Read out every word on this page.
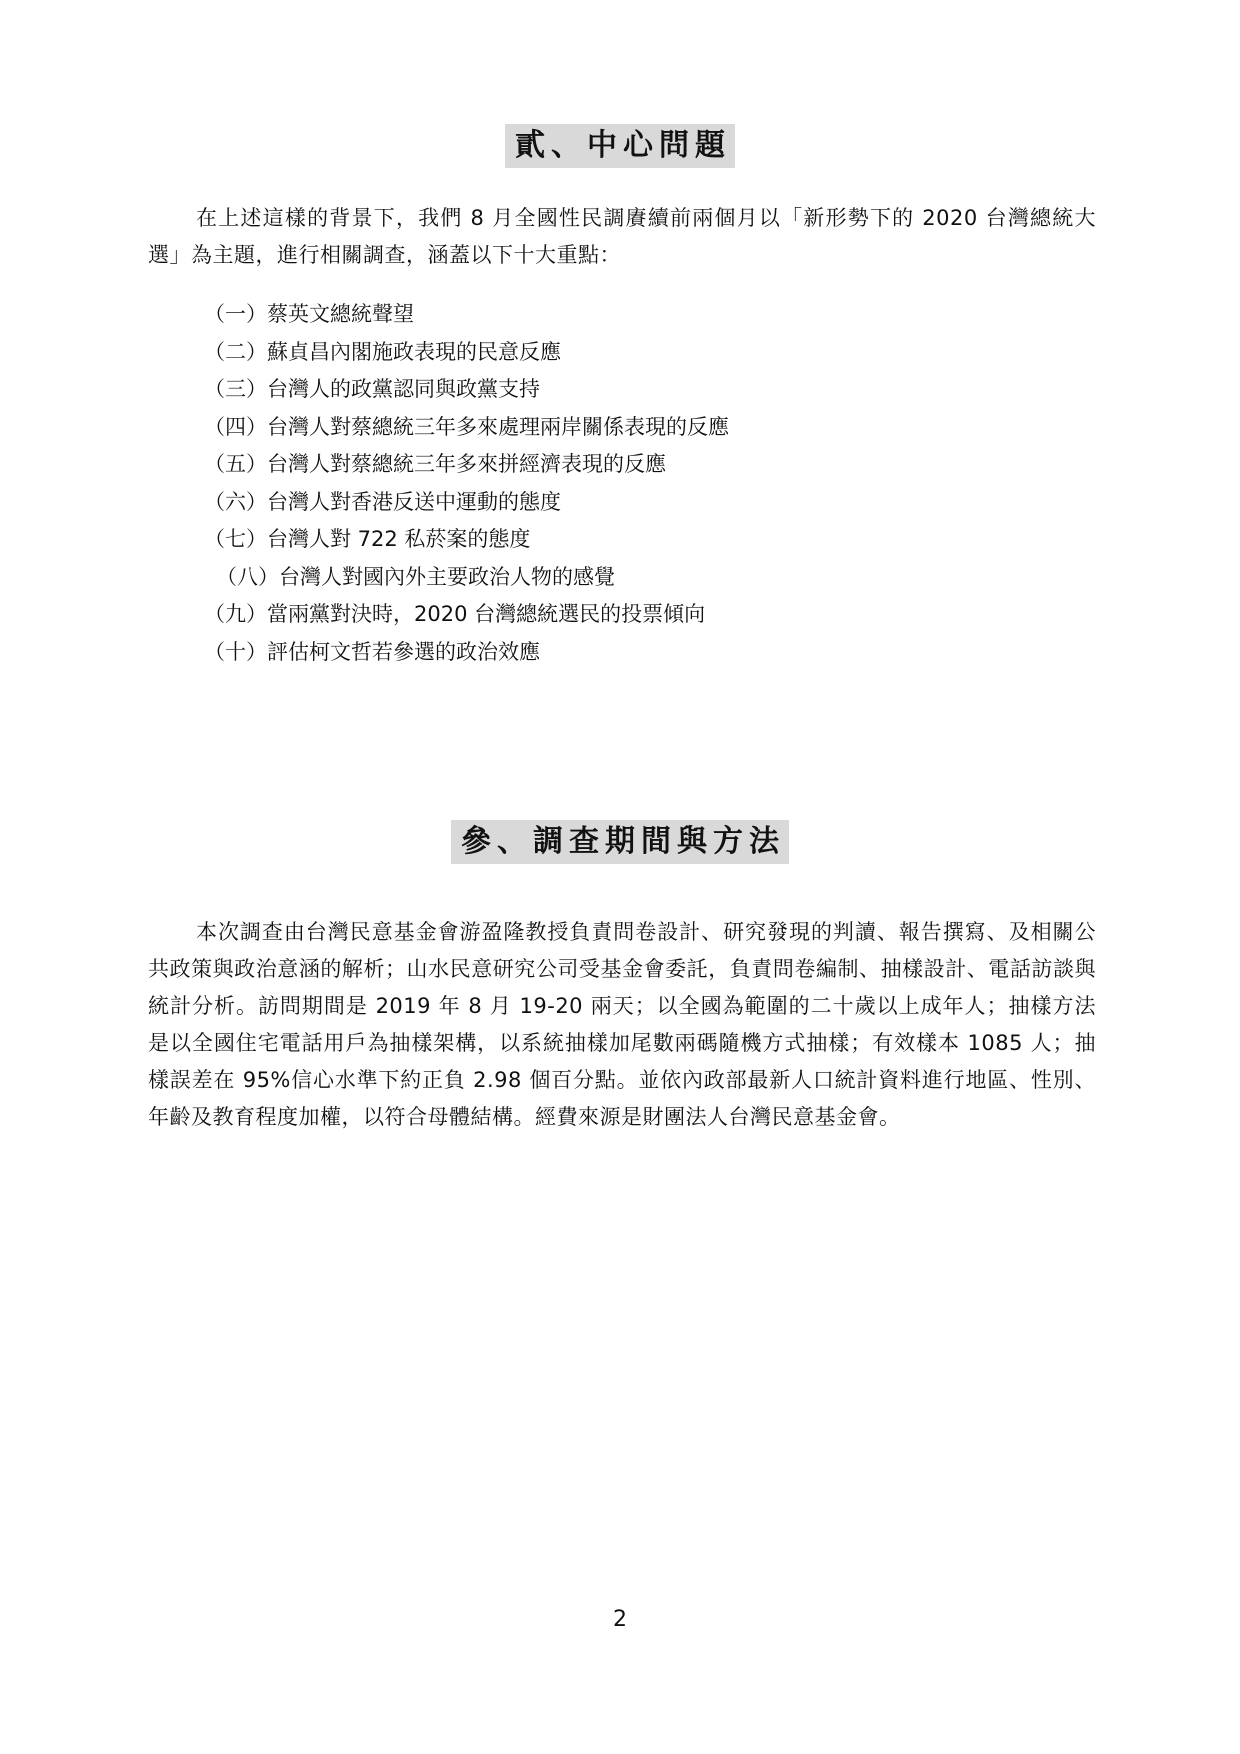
貳、中心問題

在上述這樣的背景下，我們 8 月全國性民調賡續前兩個月以「新形勢下的 2020 台灣總統大選」為主題，進行相關調查，涵蓋以下十大重點：

（一）蔡英文總統聲望
（二）蘇貞昌內閣施政表現的民意反應
（三）台灣人的政黨認同與政黨支持
（四）台灣人對蔡總統三年多來處理兩岸關係表現的反應
（五）台灣人對蔡總統三年多來拼經濟表現的反應
（六）台灣人對香港反送中運動的態度
（七）台灣人對 722 私菸案的態度
（八）台灣人對國內外主要政治人物的感覺
（九）當兩黨對決時，2020 台灣總統選民的投票傾向
（十）評估柯文哲若參選的政治效應
參、調查期間與方法

本次調查由台灣民意基金會游盈隆教授負責問卷設計、研究發現的判讀、報告撰寫、及相關公共政策與政治意涵的解析；山水民意研究公司受基金會委託，負責問卷編制、抽樣設計、電話訪談與統計分析。訪問期間是 2019 年 8 月 19-20 兩天；以全國為範圍的二十歲以上成年人；抽樣方法是以全國住宅電話用戶為抽樣架構，以系統抽樣加尾數兩碼隨機方式抽樣；有效樣本 1085 人；抽樣誤差在 95%信心水準下約正負 2.98 個百分點。並依內政部最新人口統計資料進行地區、性別、年齡及教育程度加權，以符合母體結構。經費來源是財團法人台灣民意基金會。

2
